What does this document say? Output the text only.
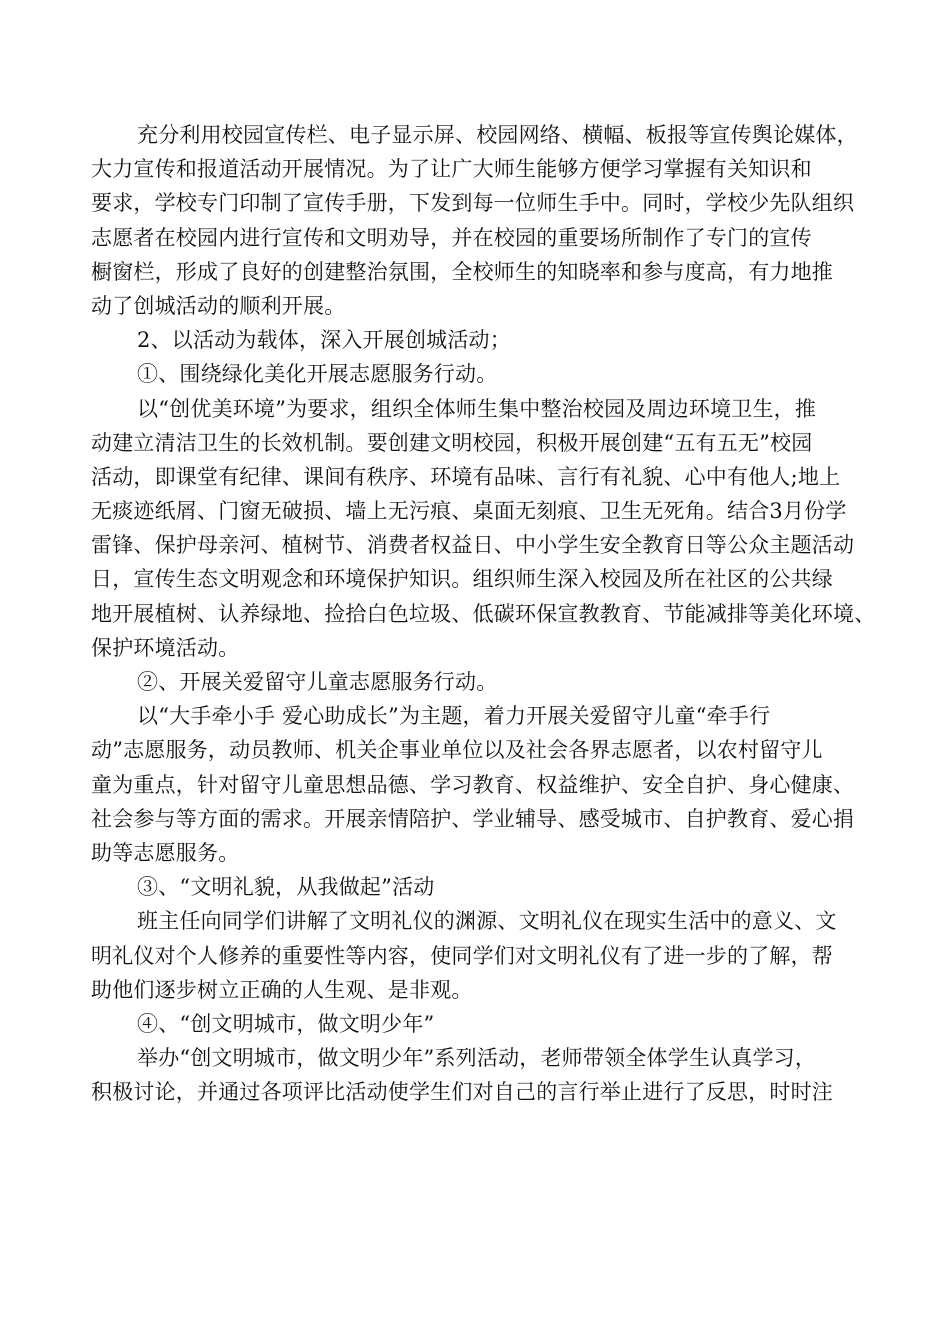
充分利用校园宣传栏、电子显示屏、校园网络、横幅、板报等宣传舆论媒体，
大力宣传和报道活动开展情况。为了让广大师生能够方便学习掌握有关知识和
要求，学校专门印制了宣传手册，下发到每一位师生手中。同时，学校少先队组织
志愿者在校园内进行宣传和文明劝导，并在校园的重要场所制作了专门的宣传
橱窗栏，形成了良好的创建整治氛围，全校师生的知晓率和参与度高，有力地推
动了创城活动的顺利开展。
2、以活动为载体，深入开展创城活动；
①、围绕绿化美化开展志愿服务行动。
以“创优美环境”为要求，组织全体师生集中整治校园及周边环境卫生，推
动建立清洁卫生的长效机制。要创建文明校园，积极开展创建“五有五无”校园
活动，即课堂有纪律、课间有秩序、环境有品味、言行有礼貌、心中有他人;地上
无痰迹纸屑、门窗无破损、墙上无污痕、桌面无刻痕、卫生无死角。结合3月份学
雷锋、保护母亲河、植树节、消费者权益日、中小学生安全教育日等公众主题活动
日，宣传生态文明观念和环境保护知识。组织师生深入校园及所在社区的公共绿
地开展植树、认养绿地、捡拾白色垃圾、低碳环保宣教教育、节能减排等美化环境、
保护环境活动。
②、开展关爱留守儿童志愿服务行动。
以“大手牵小手 爱心助成长”为主题，着力开展关爱留守儿童“牵手行
动”志愿服务，动员教师、机关企事业单位以及社会各界志愿者，以农村留守儿
童为重点，针对留守儿童思想品德、学习教育、权益维护、安全自护、身心健康、
社会参与等方面的需求。开展亲情陪护、学业辅导、感受城市、自护教育、爱心捐
助等志愿服务。
③、“文明礼貌，从我做起”活动
班主任向同学们讲解了文明礼仪的渊源、文明礼仪在现实生活中的意义、文
明礼仪对个人修养的重要性等内容，使同学们对文明礼仪有了进一步的了解，帮
助他们逐步树立正确的人生观、是非观。
④、“创文明城市，做文明少年”
举办“创文明城市，做文明少年”系列活动，老师带领全体学生认真学习，
积极讨论，并通过各项评比活动使学生们对自己的言行举止进行了反思，时时注
